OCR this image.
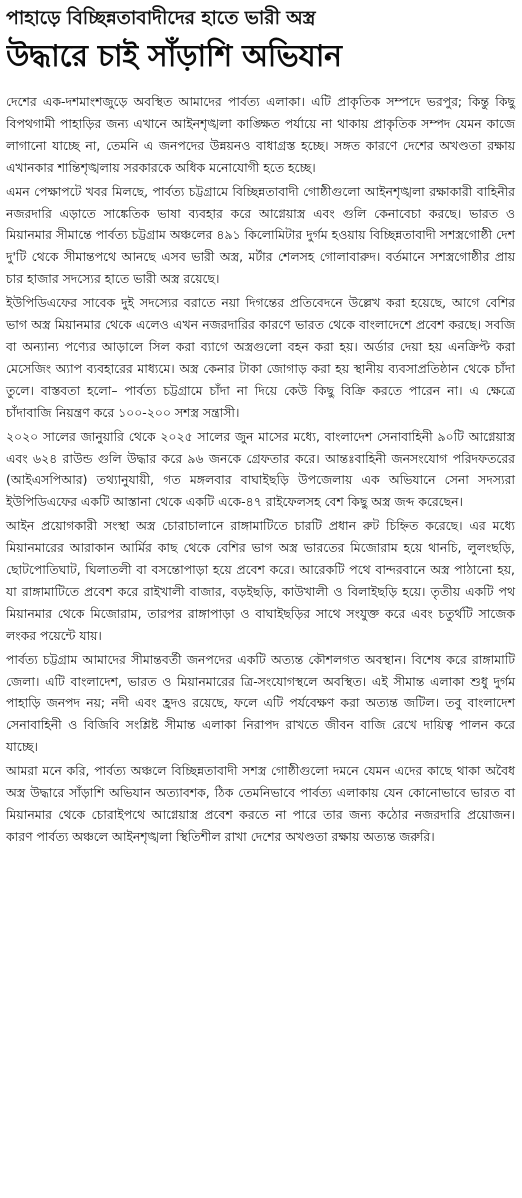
পাহাড়ে বিচ্ছিন্নতাবাদীদের হাতে ভারী অস্ত্র
উদ্ধারে চাই সাঁড়াশি অভিযান

দেশের এক-দশমাংশজুড়ে অবস্থিত আমাদের পার্বত্য এলাকা। এটি প্রাকৃতিক সম্পদে ভরপুর; কিন্তু কিছু বিপথগামী পাহাড়ির জন্য এখানে আইনশৃঙ্খলা কাঙ্ক্ষিত পর্যায়ে না থাকায় প্রাকৃতিক সম্পদ যেমন কাজে লাগানো যাচ্ছে না, তেমনি এ জনপদের উন্নয়নও বাধাগ্রস্ত হচ্ছে। সঙ্গত কারণে দেশের অখণ্ডতা রক্ষায় এখানকার শান্তিশৃঙ্খলায় সরকারকে অধিক মনোযোগী হতে হচ্ছে।

এমন পেক্ষাপটে খবর মিলছে, পার্বত্য চট্টগ্রামে বিচ্ছিন্নতাবাদী গোষ্ঠীগুলো আইনশৃঙ্খলা রক্ষাকারী বাহিনীর নজরদারি এড়াতে সাঙ্কেতিক ভাষা ব্যবহার করে আগ্নেয়াস্ত্র এবং গুলি কেনাবেচা করছে। ভারত ও মিয়ানমার সীমান্তে পার্বত্য চট্টগ্রাম অঞ্চলের ৪৯১ কিলোমিটার দুর্গম হওয়ায় বিচ্ছিন্নতাবাদী সশস্ত্রগোষ্ঠী দেশ দু'টি থেকে সীমান্তপথে আনছে এসব ভারী অস্ত্র, মর্টার শেলসহ গোলাবারুদ। বর্তমানে সশস্ত্রগোষ্ঠীর প্রায় চার হাজার সদস্যের হাতে ভারী অস্ত্র রয়েছে।

ইউপিডিএফের সাবেক দুই সদস্যের বরাতে নয়া দিগন্তের প্রতিবেদনে উল্লেখ করা হয়েছে, আগে বেশির ভাগ অস্ত্র মিয়ানমার থেকে এলেও এখন নজরদারির কারণে ভারত থেকে বাংলাদেশে প্রবেশ করছে। সবজি বা অন্যান্য পণ্যের আড়ালে সিল করা ব্যাগে অস্ত্রগুলো বহন করা হয়। অর্ডার দেয়া হয় এনক্রিপ্ট করা মেসেজিং অ্যাপ ব্যবহারের মাধ্যমে। অস্ত্র কেনার টাকা জোগাড় করা হয় স্থানীয় ব্যবসাপ্রতিষ্ঠান থেকে চাঁদা তুলে। বাস্তবতা হলো– পার্বত্য চট্টগ্রামে চাঁদা না দিয়ে কেউ কিছু বিক্রি করতে পারেন না। এ ক্ষেত্রে চাঁদাবাজি নিয়ন্ত্রণ করে ১০০-২০০ সশস্ত্র সন্ত্রাসী।

২০২০ সালের জানুয়ারি থেকে ২০২৫ সালের জুন মাসের মধ্যে, বাংলাদেশ সেনাবাহিনী ৯০টি আগ্নেয়াস্ত্র এবং ৬২৪ রাউন্ড গুলি উদ্ধার করে ৯৬ জনকে গ্রেফতার করে। আন্তঃবাহিনী জনসংযোগ পরিদফতরের (আইএসপিআর) তথ্যানুযায়ী, গত মঙ্গলবার বাঘাইছড়ি উপজেলায় এক অভিযানে সেনা সদস্যরা ইউপিডিএফের একটি আস্তানা থেকে একটি একে-৪৭ রাইফেলসহ বেশ কিছু অস্ত্র জব্দ করেছেন।

আইন প্রয়োগকারী সংস্থা অস্ত্র চোরাচালানে রাঙ্গামাটিতে চারটি প্রধান রুট চিহ্নিত করেছে। এর মধ্যে মিয়ানমারের আরাকান আর্মির কাছ থেকে বেশির ভাগ অস্ত্র ভারতের মিজোরাম হয়ে থানচি, লুলংছড়ি, ছোটপোতিঘাট, ঘিলাতলী বা বসন্তোপাড়া হয়ে প্রবেশ করে। আরেকটি পথে বান্দরবানে অস্ত্র পাঠানো হয়, যা রাঙ্গামাটিতে প্রবেশ করে রাইখালী বাজার, বড়ইছড়ি, কাউখালী ও বিলাইছড়ি হয়ে। তৃতীয় একটি পথ মিয়ানমার থেকে মিজোরাম, তারপর রাঙ্গাপাড়া ও বাঘাইছড়ির সাথে সংযুক্ত করে এবং চতুর্থটি সাজেক লংকর পয়েন্টে যায়।

পার্বত্য চট্টগ্রাম আমাদের সীমান্তবর্তী জনপদের একটি অত্যন্ত কৌশলগত অবস্থান। বিশেষ করে রাঙ্গামাটি জেলা। এটি বাংলাদেশ, ভারত ও মিয়ানমারের ত্রি-সংযোগস্থলে অবস্থিত। এই সীমান্ত এলাকা শুধু দুর্গম পাহাড়ি জনপদ নয়; নদী এবং হ্রদও রয়েছে, ফলে এটি পর্যবেক্ষণ করা অত্যন্ত জটিল। তবু বাংলাদেশ সেনাবাহিনী ও বিজিবি সংশ্লিষ্ট সীমান্ত এলাকা নিরাপদ রাখতে জীবন বাজি রেখে দায়িত্ব পালন করে যাচ্ছে।

আমরা মনে করি, পার্বত্য অঞ্চলে বিচ্ছিন্নতাবাদী সশস্ত্র গোষ্ঠীগুলো দমনে যেমন এদের কাছে থাকা অবৈধ অস্ত্র উদ্ধারে সাঁড়াশি অভিযান অত্যাবশক, ঠিক তেমনিভাবে পার্বত্য এলাকায় যেন কোনোভাবে ভারত বা মিয়ানমার থেকে চোরাইপথে আগ্নেয়াস্ত্র প্রবেশ করতে না পারে তার জন্য কঠোর নজরদারি প্রয়োজন। কারণ পার্বত্য অঞ্চলে আইনশৃঙ্খলা স্থিতিশীল রাখা দেশের অখণ্ডতা রক্ষায় অত্যন্ত জরুরি।
